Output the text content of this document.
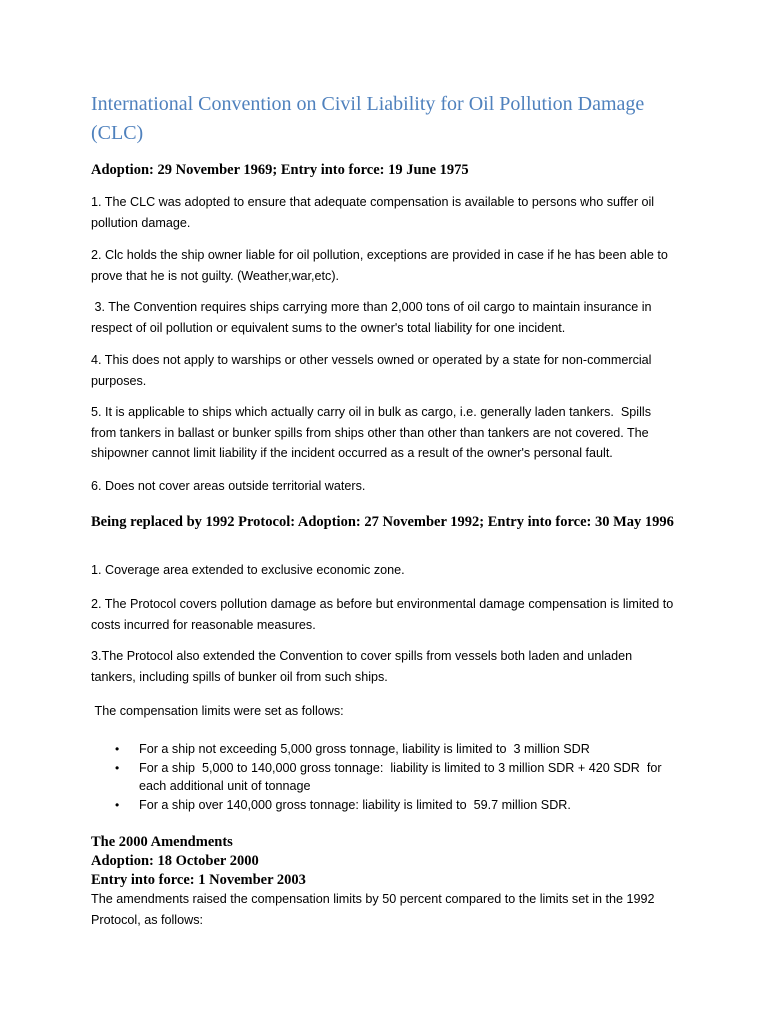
International Convention on Civil Liability for Oil Pollution Damage (CLC)

Adoption: 29 November 1969; Entry into force: 19 June 1975

1. The CLC was adopted to ensure that adequate compensation is available to persons who suffer oil pollution damage.

2. Clc holds the ship owner liable for oil pollution, exceptions are provided in case if he has been able to prove that he is not guilty. (Weather,war,etc).

3. The Convention requires ships carrying more than 2,000 tons of oil cargo to maintain insurance in respect of oil pollution or equivalent sums to the owner's total liability for one incident.

4. This does not apply to warships or other vessels owned or operated by a state for non-commercial purposes.

5. It is applicable to ships which actually carry oil in bulk as cargo, i.e. generally laden tankers.  Spills from tankers in ballast or bunker spills from ships other than other than tankers are not covered. The shipowner cannot limit liability if the incident occurred as a result of the owner's personal fault.

6. Does not cover areas outside territorial waters.

Being replaced by 1992 Protocol: Adoption: 27 November 1992; Entry into force: 30 May 1996

1. Coverage area extended to exclusive economic zone.

2. The Protocol covers pollution damage as before but environmental damage compensation is limited to costs incurred for reasonable measures.

3.The Protocol also extended the Convention to cover spills from vessels both laden and unladen tankers, including spills of bunker oil from such ships.

The compensation limits were set as follows:

• For a ship not exceeding 5,000 gross tonnage, liability is limited to  3 million SDR
• For a ship  5,000 to 140,000 gross tonnage:  liability is limited to 3 million SDR + 420 SDR  for each additional unit of tonnage
• For a ship over 140,000 gross tonnage: liability is limited to  59.7 million SDR.

The 2000 Amendments

Adoption: 18 October 2000

Entry into force: 1 November 2003

The amendments raised the compensation limits by 50 percent compared to the limits set in the 1992 Protocol, as follows:
